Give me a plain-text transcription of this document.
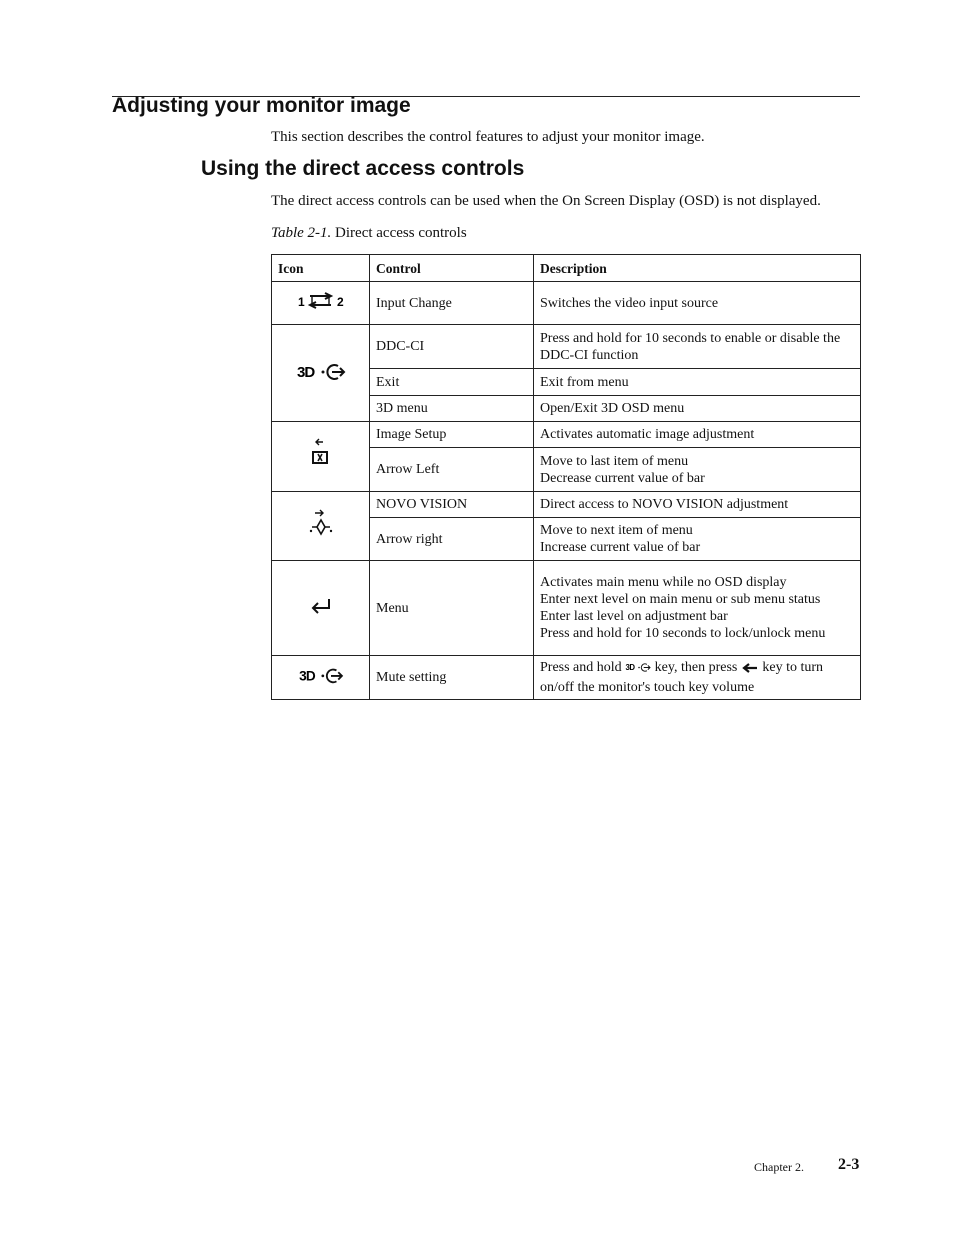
Adjusting your monitor image
This section describes the control features to adjust your monitor image.
Using the direct access controls
The direct access controls can be used when the On Screen Display (OSD) is not displayed.
Table 2-1. Direct access controls
Icon	Control	Description

1 2	Input Change	Switches the video input source

3D	DDC-CI	Press and hold for 10 seconds to enable or disable the DDC-CI function

	Exit	Exit from menu

	3D menu	Open/Exit 3D OSD menu

	Image Setup	Activates automatic image adjustment

	Arrow Left	Move to last item of menu
Decrease current value of bar

	NOVO VISION	Direct access to NOVO VISION adjustment

	Arrow right	Move to next item of menu
Increase current value of bar

	Menu	Activates main menu while no OSD display
Enter next level on main menu or sub menu status
Enter last level on adjustment bar
Press and hold for 10 seconds to lock/unlock menu

3D	Mute setting	Press and hold 3D key, then press  key to turn on/off the monitor's touch key volume
Chapter 2. 2-3
